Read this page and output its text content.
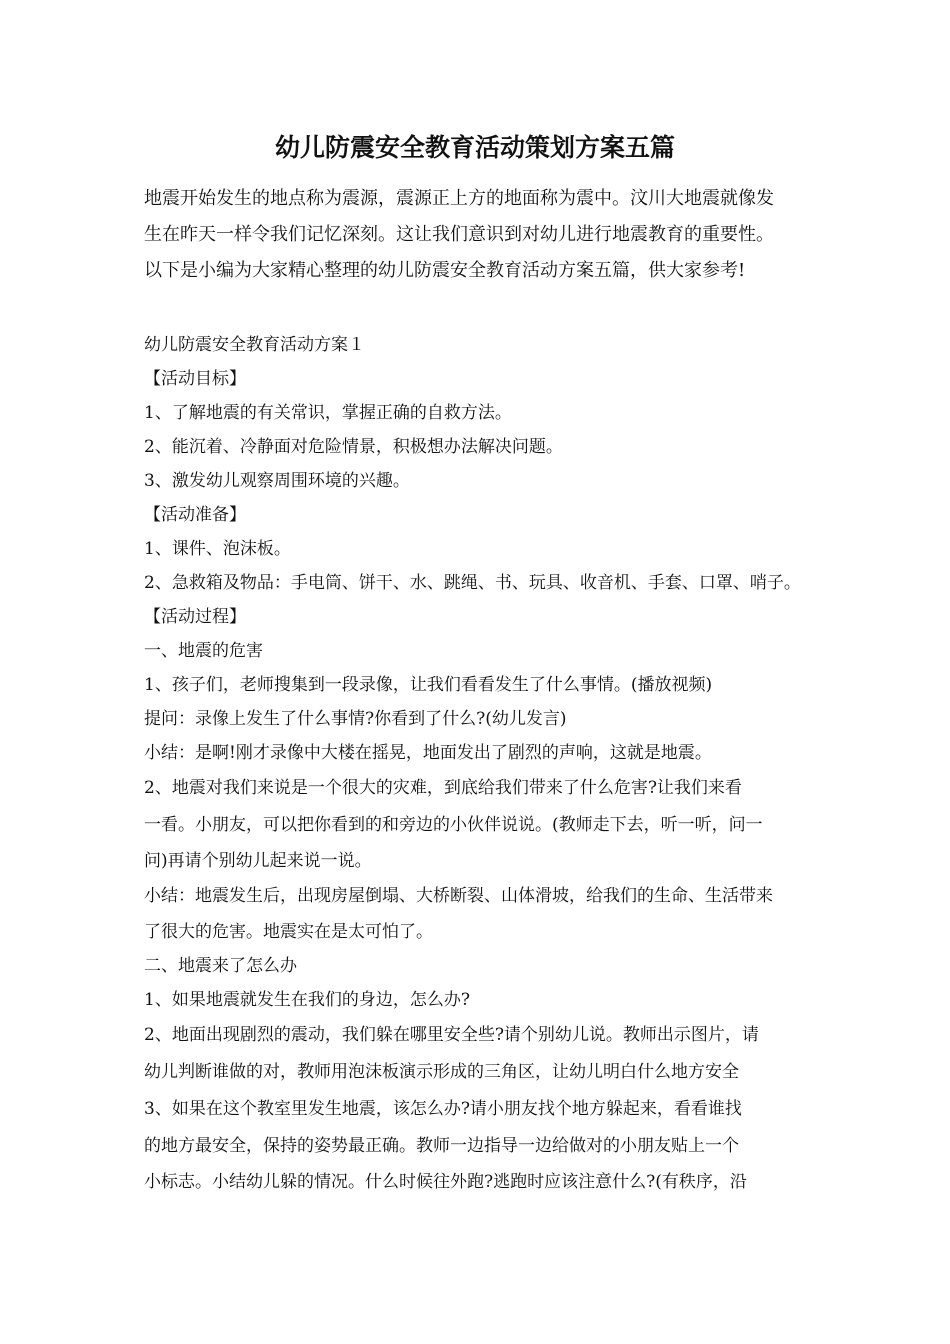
幼儿防震安全教育活动策划方案五篇

地震开始发生的地点称为震源，震源正上方的地面称为震中。汶川大地震就像发

生在昨天一样令我们记忆深刻。这让我们意识到对幼儿进行地震教育的重要性。

以下是小编为大家精心整理的幼儿防震安全教育活动方案五篇，供大家参考!

幼儿防震安全教育活动方案１

【活动目标】

1、了解地震的有关常识，掌握正确的自救方法。

2、能沉着、冷静面对危险情景，积极想办法解决问题。

3、激发幼儿观察周围环境的兴趣。

【活动准备】

1、课件、泡沫板。

2、急救箱及物品：手电筒、饼干、水、跳绳、书、玩具、收音机、手套、口罩、哨子。

【活动过程】

一、地震的危害

1、孩子们，老师搜集到一段录像，让我们看看发生了什么事情。(播放视频)

提问：录像上发生了什么事情?你看到了什么?(幼儿发言)

小结：是啊!刚才录像中大楼在摇晃，地面发出了剧烈的声响，这就是地震。

2、地震对我们来说是一个很大的灾难，到底给我们带来了什么危害?让我们来看

一看。小朋友，可以把你看到的和旁边的小伙伴说说。(教师走下去，听一听，问一

问)再请个别幼儿起来说一说。

小结：地震发生后，出现房屋倒塌、大桥断裂、山体滑坡，给我们的生命、生活带来

了很大的危害。地震实在是太可怕了。

二、地震来了怎么办

1、如果地震就发生在我们的身边，怎么办?

2、地面出现剧烈的震动，我们躲在哪里安全些?请个别幼儿说。教师出示图片，请

幼儿判断谁做的对，教师用泡沫板演示形成的三角区，让幼儿明白什么地方安全

3、如果在这个教室里发生地震，该怎么办?请小朋友找个地方躲起来，看看谁找

的地方最安全，保持的姿势最正确。教师一边指导一边给做对的小朋友贴上一个

小标志。小结幼儿躲的情况。什么时候往外跑?逃跑时应该注意什么?(有秩序，沿
